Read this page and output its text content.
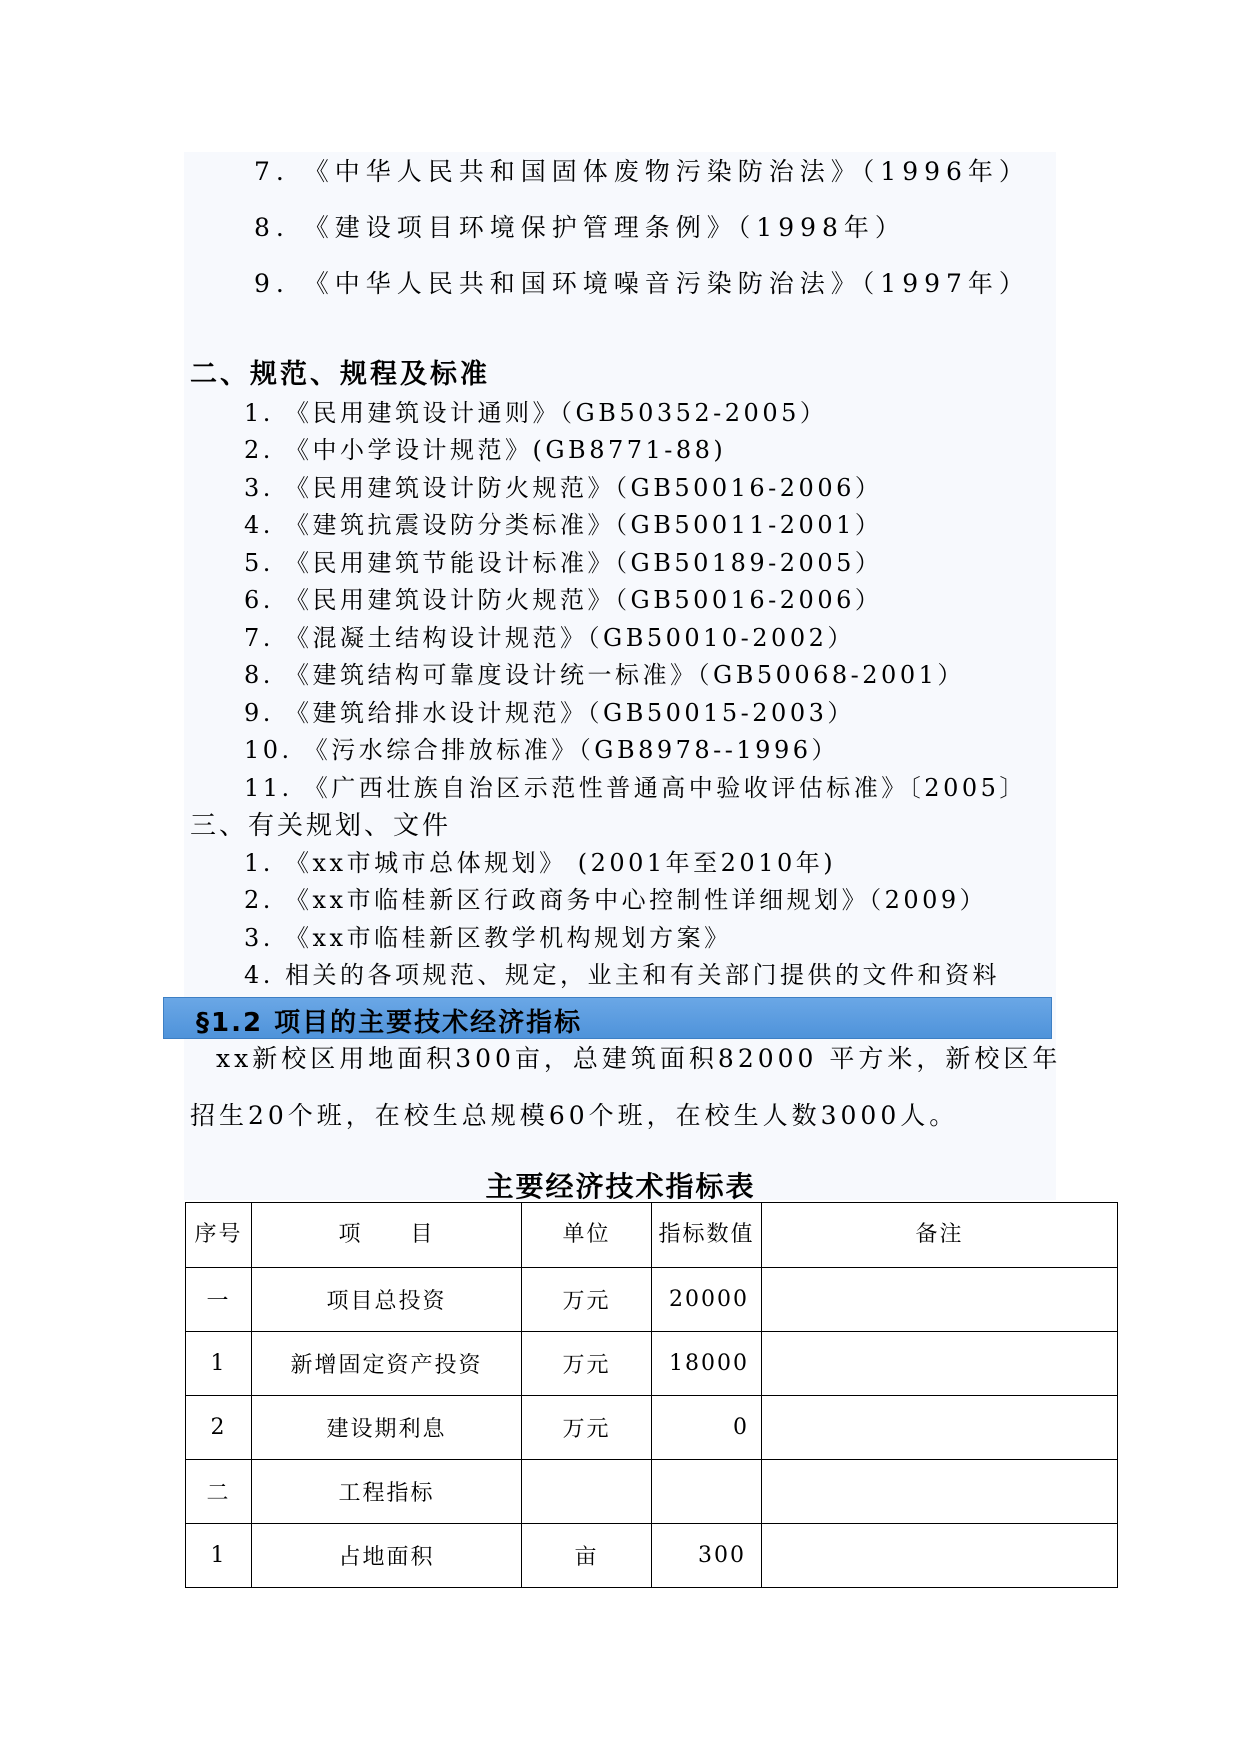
7. 《中华人民共和国固体废物污染防治法》（1996年）
8. 《建设项目环境保护管理条例》（1998年）
9. 《中华人民共和国环境噪音污染防治法》（1997年）
二、规范、规程及标准
1. 《民用建筑设计通则》（GB50352-2005）
2. 《中小学设计规范》(GB8771-88)
3. 《民用建筑设计防火规范》（GB50016-2006）
4. 《建筑抗震设防分类标准》（GB50011-2001）
5. 《民用建筑节能设计标准》（GB50189-2005）
6. 《民用建筑设计防火规范》（GB50016-2006）
7. 《混凝土结构设计规范》（GB50010-2002）
8. 《建筑结构可靠度设计统一标准》（GB50068-2001）
9. 《建筑给排水设计规范》（GB50015-2003）
10. 《污水综合排放标准》（GB8978--1996）
11. 《广西壮族自治区示范性普通高中验收评估标准》〔2005〕
三、有关规划、文件
1. 《xx市城市总体规划》 (2001年至2010年)
2. 《xx市临桂新区行政商务中心控制性详细规划》（2009）
3. 《xx市临桂新区教学机构规划方案》
4. 相关的各项规范、规定，业主和有关部门提供的文件和资料
§1.2 项目的主要技术经济指标
xx新校区用地面积300亩，总建筑面积82000 平方米，新校区年
招生20个班，在校生总规模60个班，在校生人数3000人。
主要经济技术指标表
序号	项　　目	单位	指标数值	备注
一	项目总投资	万元	20000	
1	新增固定资产投资	万元	18000	
2	建设期利息	万元	0	
二	工程指标			
1	占地面积	亩	300	
